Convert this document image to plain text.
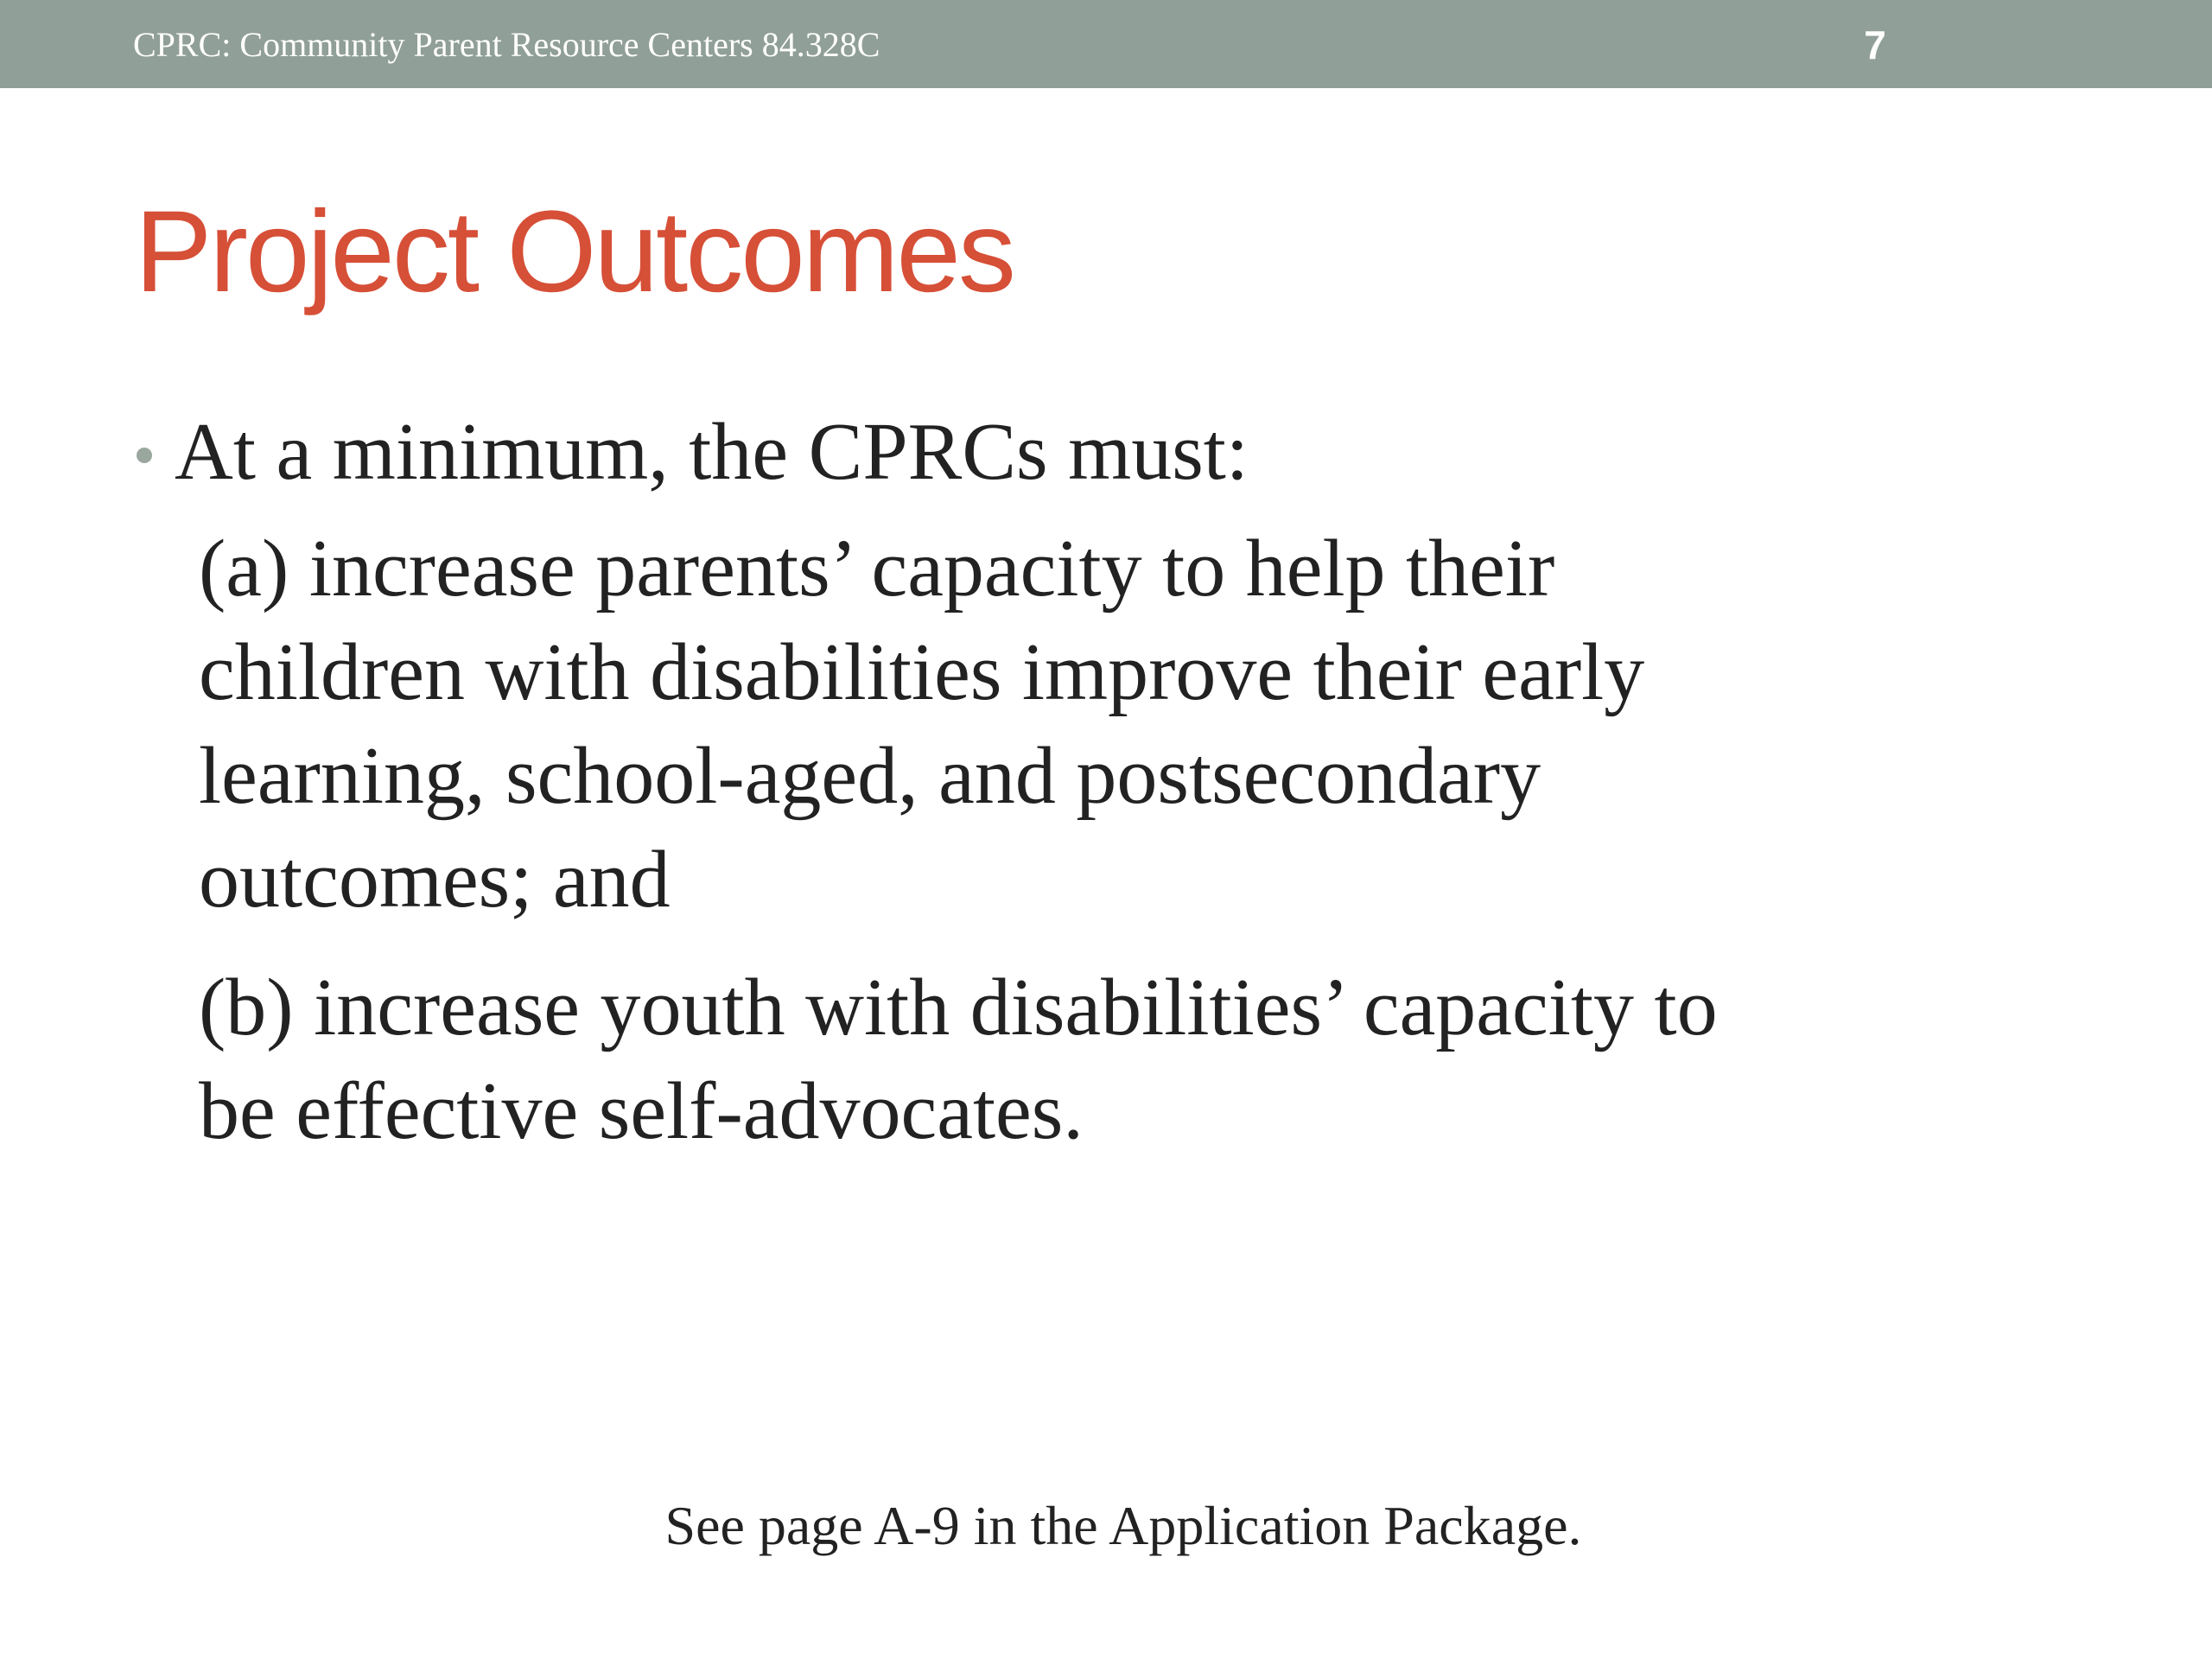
CPRC: Community Parent Resource Centers 84.328C	7
Project Outcomes
At a minimum, the CPRCs must:
(a) increase parents’ capacity to help their
children with disabilities improve their early
learning, school-aged, and postsecondary
outcomes; and
(b) increase youth with disabilities’ capacity to
be effective self-advocates.
See page A-9 in the Application Package.
